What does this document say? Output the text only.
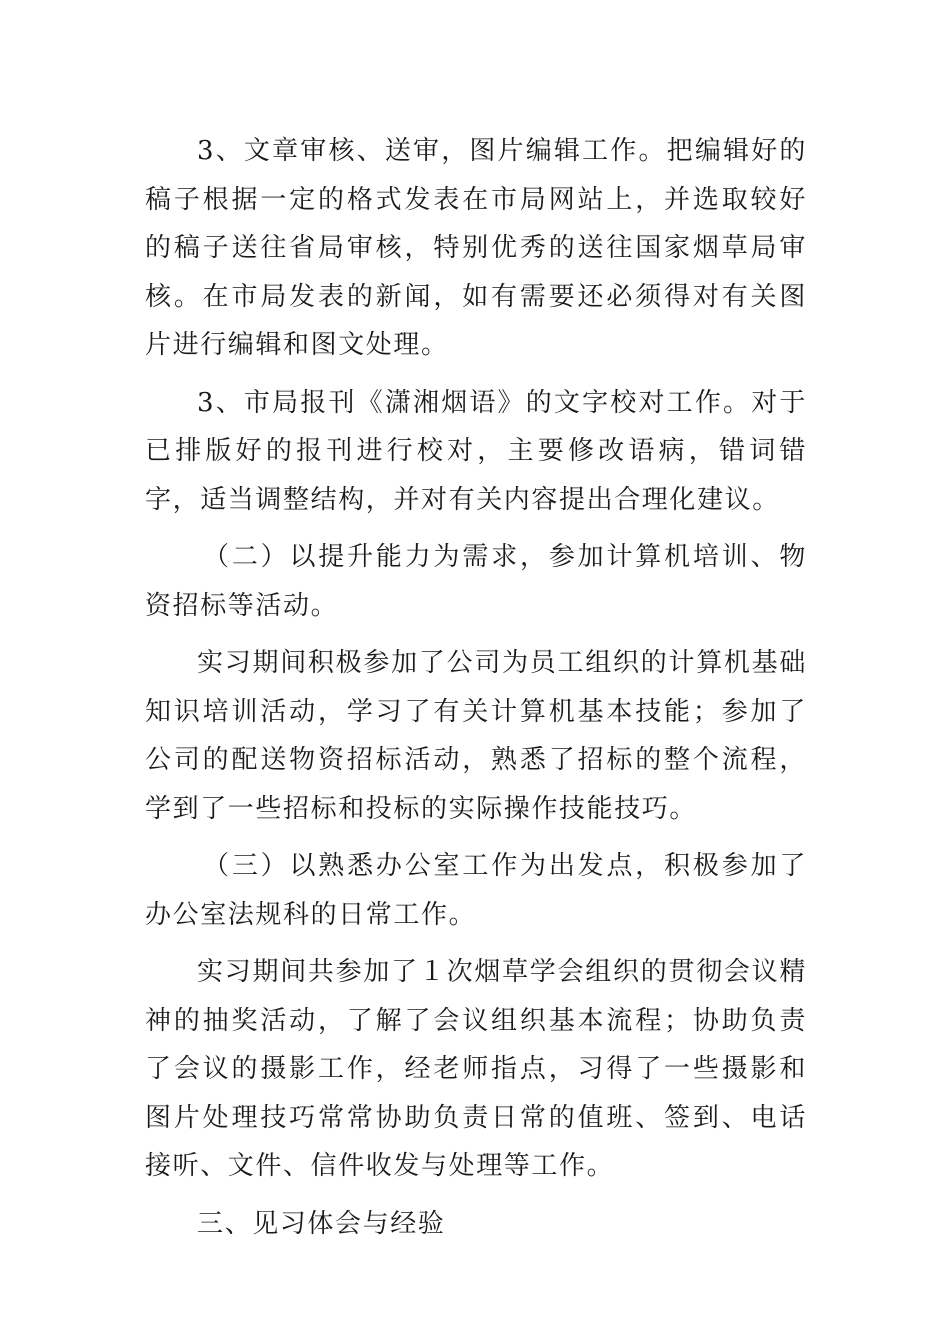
3、文章审核、送审，图片编辑工作。把编辑好的稿子根据一定的格式发表在市局网站上，并选取较好的稿子送往省局审核，特别优秀的送往国家烟草局审核。在市局发表的新闻，如有需要还必须得对有关图片进行编辑和图文处理。

3、市局报刊《潇湘烟语》的文字校对工作。对于已排版好的报刊进行校对，主要修改语病，错词错字，适当调整结构，并对有关内容提出合理化建议。

（二）以提升能力为需求，参加计算机培训、物资招标等活动。

实习期间积极参加了公司为员工组织的计算机基础知识培训活动，学习了有关计算机基本技能；参加了公司的配送物资招标活动，熟悉了招标的整个流程，学到了一些招标和投标的实际操作技能技巧。

（三）以熟悉办公室工作为出发点，积极参加了办公室法规科的日常工作。

实习期间共参加了１次烟草学会组织的贯彻会议精神的抽奖活动，了解了会议组织基本流程；协助负责了会议的摄影工作，经老师指点，习得了一些摄影和图片处理技巧常常协助负责日常的值班、签到、电话接听、文件、信件收发与处理等工作。

三、见习体会与经验
